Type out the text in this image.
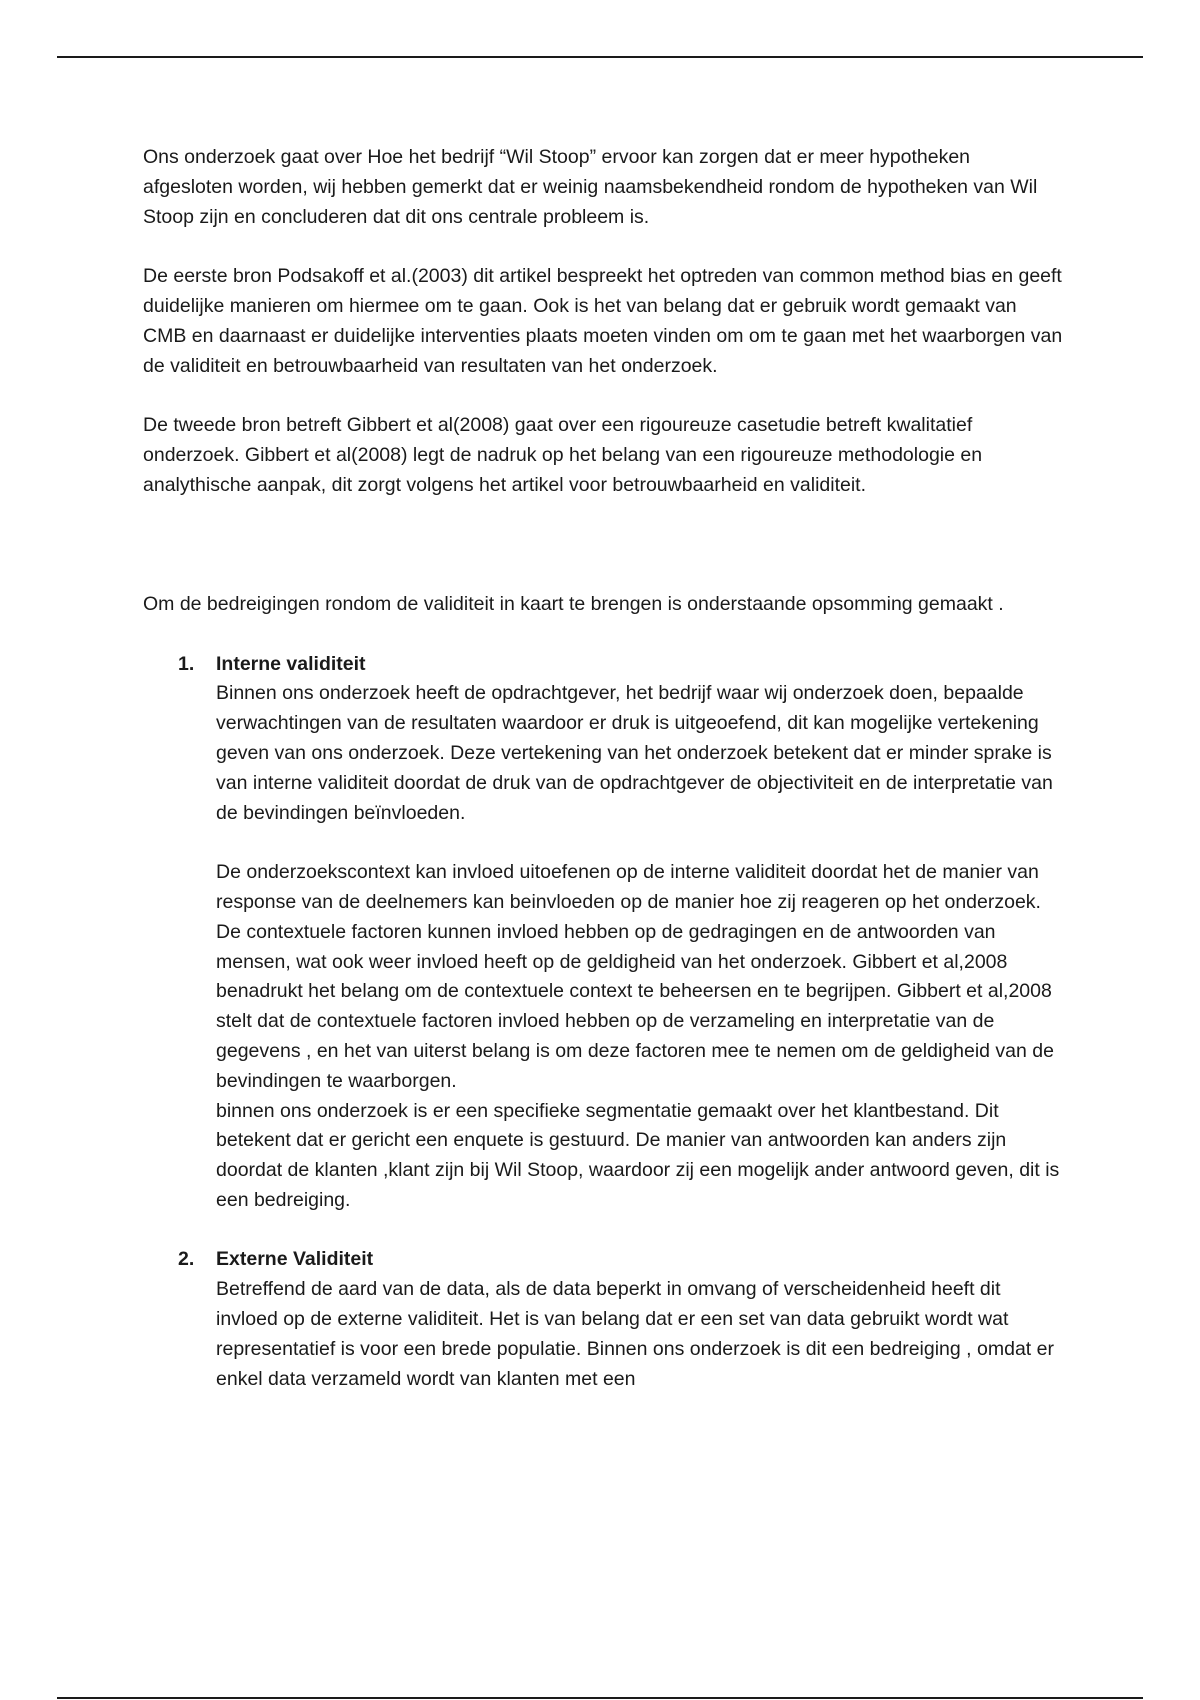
Ons onderzoek gaat over Hoe het bedrijf “Wil Stoop” ervoor kan zorgen dat er meer hypotheken afgesloten worden, wij hebben gemerkt dat er weinig naamsbekendheid rondom de hypotheken van Wil Stoop zijn en concluderen dat dit ons centrale probleem is.

De eerste bron Podsakoff et al.(2003) dit artikel bespreekt het optreden van common method bias en geeft duidelijke manieren om hiermee om te gaan. Ook is het van belang dat er gebruik wordt gemaakt van CMB en daarnaast er duidelijke interventies plaats moeten vinden om om te gaan met het waarborgen van de validiteit en betrouwbaarheid van resultaten van het onderzoek.

De tweede bron betreft Gibbert et al(2008) gaat over een rigoureuze casetudie betreft kwalitatief onderzoek. Gibbert et al(2008) legt de nadruk op het belang van een rigoureuze methodologie en analythische aanpak, dit zorgt volgens het artikel voor betrouwbaarheid en validiteit.

Om de bedreigingen rondom de validiteit in kaart te brengen is onderstaande opsomming gemaakt .

1. Interne validiteit

Binnen ons onderzoek heeft de opdrachtgever, het bedrijf waar wij onderzoek doen, bepaalde verwachtingen van de resultaten waardoor er druk is uitgeoefend, dit kan mogelijke vertekening geven van ons onderzoek. Deze vertekening van het onderzoek betekent dat er minder sprake is van interne validiteit doordat de druk van de opdrachtgever de objectiviteit en de interpretatie van de bevindingen beïnvloeden.

De onderzoekscontext kan invloed uitoefenen op de interne validiteit doordat het de manier van response van de deelnemers kan beinvloeden op de manier hoe zij reageren op het onderzoek. De contextuele factoren kunnen invloed hebben op de gedragingen en de antwoorden van mensen, wat ook weer invloed heeft op de geldigheid van het onderzoek. Gibbert et al,2008 benadrukt het belang om de contextuele context te beheersen en te begrijpen. Gibbert et al,2008 stelt dat de contextuele factoren invloed hebben op de verzameling en interpretatie van de gegevens , en het van uiterst belang is om deze factoren mee te nemen om de geldigheid van de bevindingen te waarborgen.

binnen ons onderzoek is er een specifieke segmentatie gemaakt over het klantbestand. Dit betekent dat er gericht een enquete is gestuurd. De manier van antwoorden kan anders zijn doordat de klanten ,klant zijn bij Wil Stoop, waardoor zij een mogelijk ander antwoord geven, dit is een bedreiging.

2. Externe Validiteit

Betreffend de aard van de data, als de data beperkt in omvang of verscheidenheid heeft dit invloed op de externe validiteit. Het is van belang dat er een set van data gebruikt wordt wat representatief is voor een brede populatie. Binnen ons onderzoek is dit een bedreiging , omdat er enkel data verzameld wordt van klanten met een
